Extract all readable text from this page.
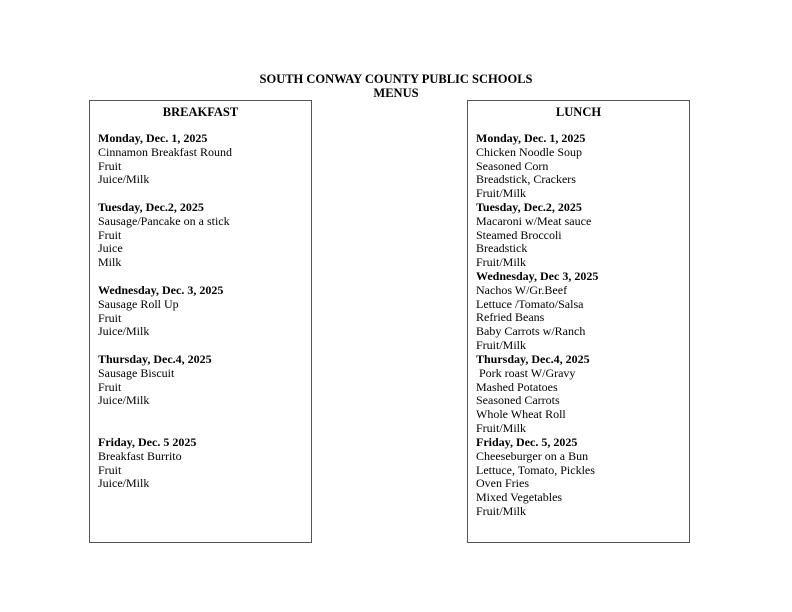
SOUTH CONWAY COUNTY PUBLIC SCHOOLS
MENUS
BREAKFAST
Monday, Dec. 1, 2025
Cinnamon Breakfast Round
Fruit
Juice/Milk
Tuesday, Dec.2, 2025
Sausage/Pancake on a stick
Fruit
Juice
Milk
Wednesday, Dec. 3, 2025
Sausage Roll Up
Fruit
Juice/Milk
Thursday, Dec.4, 2025
Sausage Biscuit
Fruit
Juice/Milk
Friday, Dec. 5 2025
Breakfast Burrito
Fruit
Juice/Milk
LUNCH
Monday, Dec. 1, 2025
Chicken Noodle Soup
Seasoned Corn
Breadstick, Crackers
Fruit/Milk
Tuesday, Dec.2, 2025
Macaroni w/Meat sauce
Steamed Broccoli
Breadstick
Fruit/Milk
Wednesday, Dec 3, 2025
Nachos W/Gr.Beef
Lettuce /Tomato/Salsa
Refried Beans
Baby Carrots w/Ranch
Fruit/Milk
Thursday, Dec.4, 2025
Pork roast W/Gravy
Mashed Potatoes
Seasoned Carrots
Whole Wheat Roll
Fruit/Milk
Friday, Dec. 5, 2025
Cheeseburger on a Bun
Lettuce, Tomato, Pickles
Oven Fries
Mixed Vegetables
Fruit/Milk
